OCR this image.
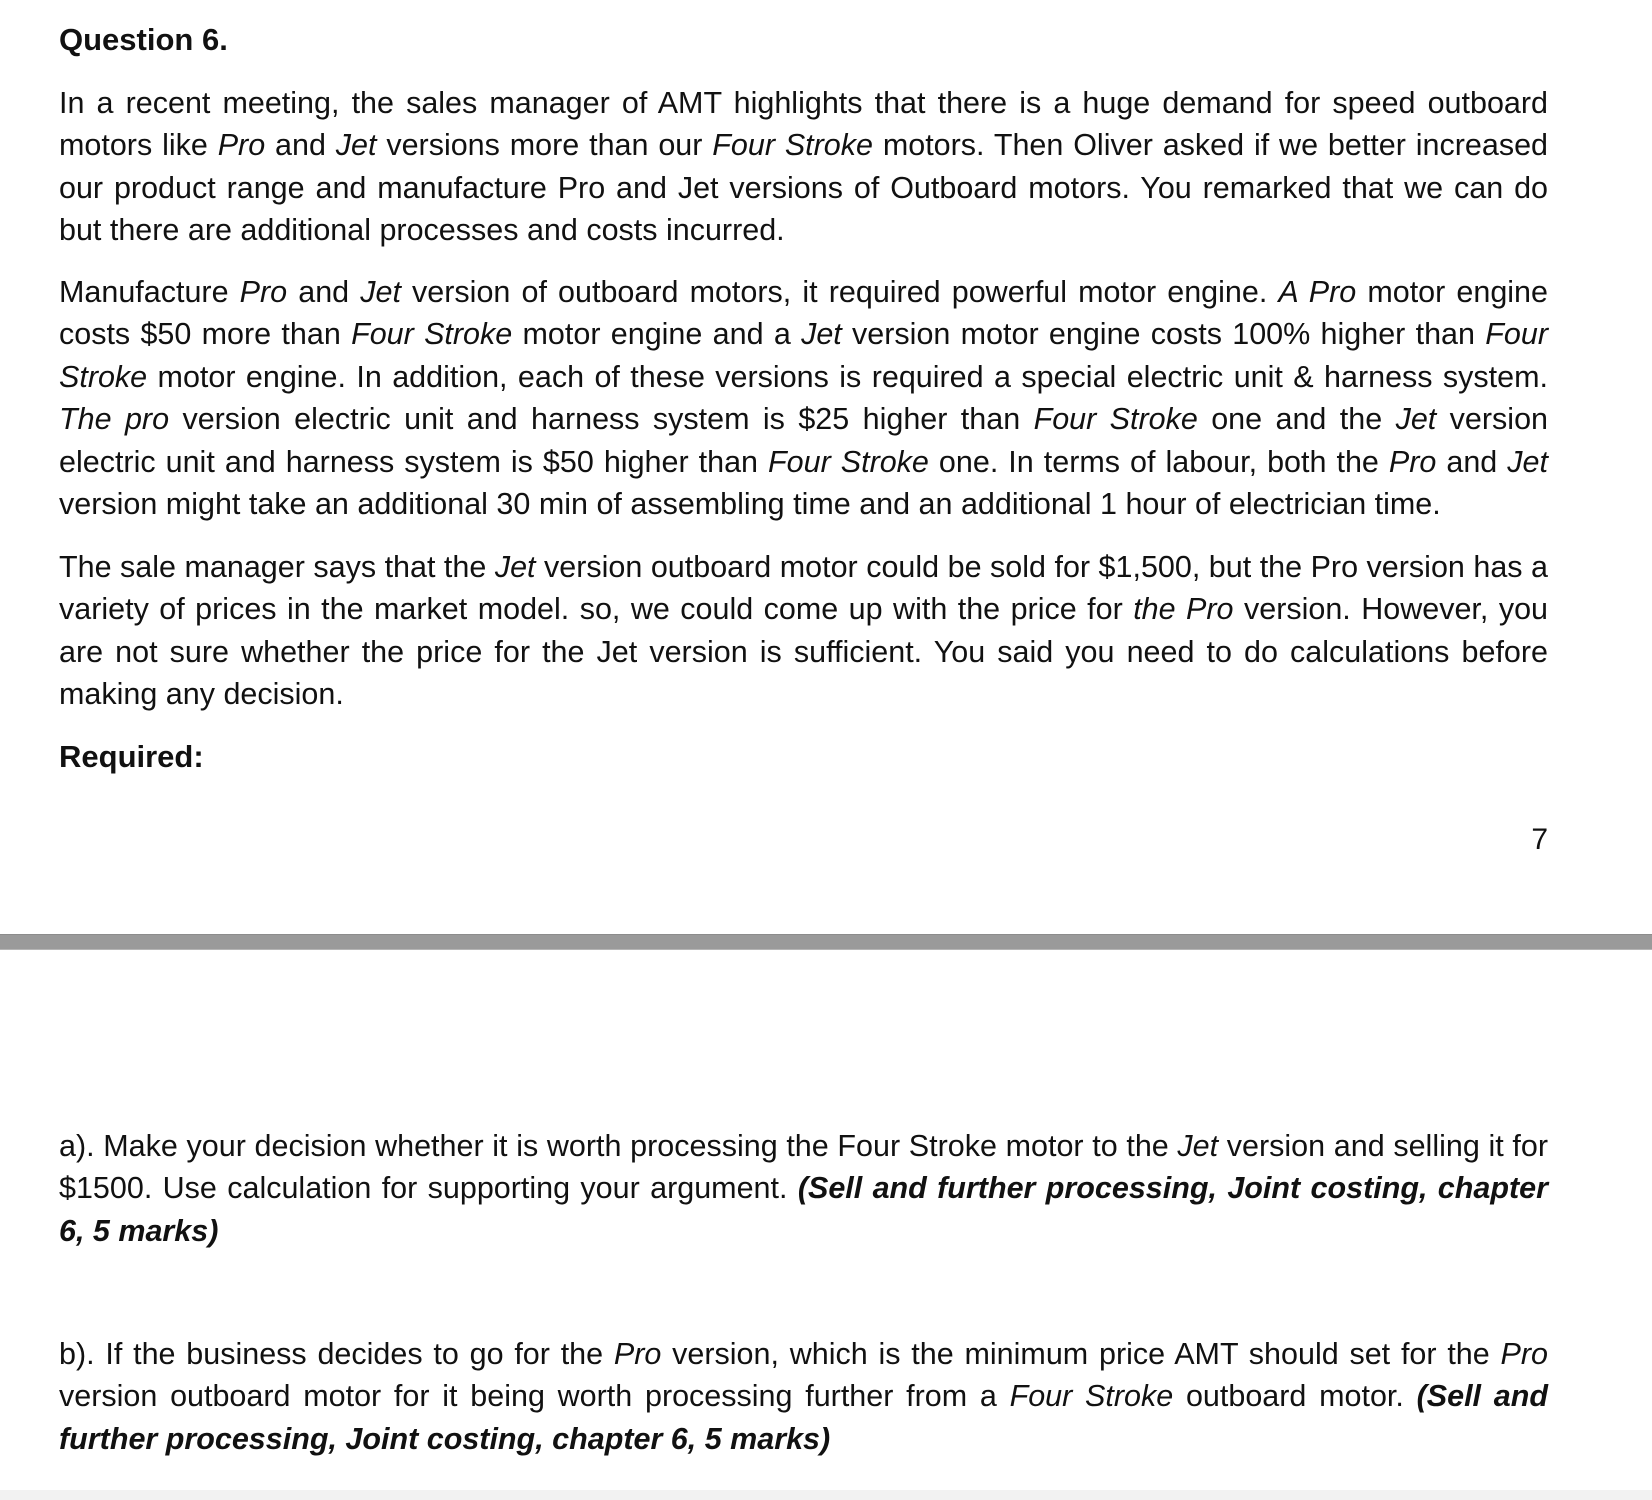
Question 6.

In a recent meeting, the sales manager of AMT highlights that there is a huge demand for speed outboard motors like Pro and Jet versions more than our Four Stroke motors. Then Oliver asked if we better increased our product range and manufacture Pro and Jet versions of Outboard motors. You remarked that we can do but there are additional processes and costs incurred.

Manufacture Pro and Jet version of outboard motors, it required powerful motor engine. A Pro motor engine costs $50 more than Four Stroke motor engine and a Jet version motor engine costs 100% higher than Four Stroke motor engine. In addition, each of these versions is required a special electric unit & harness system. The pro version electric unit and harness system is $25 higher than Four Stroke one and the Jet version electric unit and harness system is $50 higher than Four Stroke one. In terms of labour, both the Pro and Jet version might take an additional 30 min of assembling time and an additional 1 hour of electrician time.

The sale manager says that the Jet version outboard motor could be sold for $1,500, but the Pro version has a variety of prices in the market model. so, we could come up with the price for the Pro version. However, you are not sure whether the price for the Jet version is sufficient. You said you need to do calculations before making any decision.

Required:
7

a). Make your decision whether it is worth processing the Four Stroke motor to the Jet version and selling it for $1500. Use calculation for supporting your argument. (Sell and further processing, Joint costing, chapter 6, 5 marks)

b). If the business decides to go for the Pro version, which is the minimum price AMT should set for the Pro version outboard motor for it being worth processing further from a Four Stroke outboard motor. (Sell and further processing, Joint costing, chapter 6, 5 marks)
